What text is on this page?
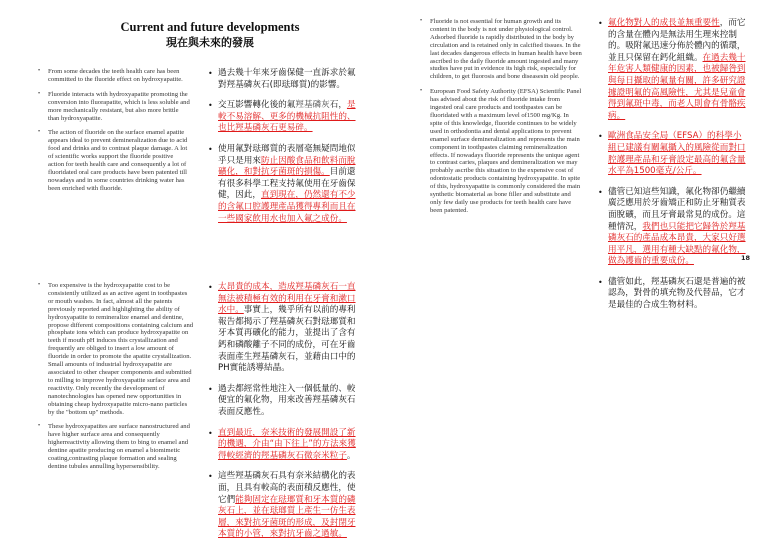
Current and future developments
現在與未來的發展
• From some decades the teeth health care has been committed to the fluoride effect on hydroxyapatite.
• Fluoride interacts with hydroxyapatite promoting the conversion into fluorapatite, which is less soluble and more mechanically resistant, but also more brittle than hydroxyapatite.
• The action of fluoride on the surface enamel apatite appears ideal to prevent demineralization due to acid food and drinks and to contrast plaque damage. A lot of scientific works support the fluoride positive action for teeth health care and consequently a lot of fluoridated oral care products have been patented till nowadays and in some countries drinking water has been enriched with fluoride.
• 過去幾十年來牙齒保健一直訴求於氟對羥基磷灰石(即琺瑯質)的影響。
• 交互影響轉化後的氟羥基磷灰石，是較不易溶解、更多的機械抗阻性的、也比羥基磷灰石更易碎。
• 使用氟對琺瑯質的表層毫無疑問地似乎只是用來防止因酸食品和飲料而脫礦化，和對抗牙菌斑的損傷。目前還有很多科學工程支持氟使用在牙齒保健，因此，直到現在，仍然還有不少的含氟口腔護理產品獲得專利而且在一些國家飲用水也加入氟之成份。
• Fluoride is not essential for human growth and its content in the body is not under physiological control. Adsorbed fluoride is rapidly distributed in the body by circulation and is retained only in calcified tissues. In the last decades dangerous effects in human health have been ascribed to the daily fluoride amount ingested and many studies have put in evidence its high risk, especially for children, to get fluorosis and bone diseasesin old people.
• European Food Safety Authority (EFSA) Scientific Panel has advised about the risk of fluoride intake from ingested oral care products and toothpastes can be fluoridated with a maximum level of1500 mg/Kg. In spite of this knowledge, fluoride continues to be widely used in orthodontia and dental applications to prevent enamel surface demineralization and represents the main component in toothpastes claiming remineralization effects. If nowadays fluoride represents the unique agent to contrast caries, plaques and demineralization we may probably ascribe this situation to the expensive cost of odontostatic products containing hydroxyapatite. In spite of this, hydroxyapatite is commonly considered the main synthetic biomaterial as bone filler and substitute and only few daily use products for teeth health care have been patented.
• 氟化物對人的成長並無重要性，而它的含量在體內是無法用生理來控制的。吸附氟迅速分佈於體內的循環，並且只保留在鈣化組織。在過去幾十年危害人類健康的因素，也被歸咎到與每日攝取的氟量有關，許多研究證據證明氟的高風險性，尤其是兒童會得到氟斑中毒，而老人則會有骨骼疾病。
• 歐洲食品安全局（EFSA）的科學小組已建議有關氟攝入的風險從而對口腔護理產品和牙膏設定最高的氟含量水平為1500毫克/公斤。
• 儘管已知這些知識，氟化物卻仍繼續廣泛應用於牙齒矯正和防止牙釉質表面脫礦，而且牙膏最常見的成份。這種情況，我們也只能把它歸咎於羥基磷灰石的產品成本昂貴，大家只好選用平凡，選用有種大缺點的氟化物，做為護齒的重要成份。
• 儘管如此，羥基磷灰石還是普遍的被認為，對骨的填充物及代替品，它才是最佳的合成生物材料。
18
• Too expensive is the hydroxyapatite cost to be consistently utilized as an active agent in toothpastes or mouth washes. In fact, almost all the patents previously reported and highlighting the ability of hydroxyapatite to remineralize enamel and dentine, propose different compositions containing calcium and phosphate ions which can produce hydroxyapatite on teeth if mouth pH induces this crystallization and frequently are obliged to insert a low amount of fluoride in order to promote the apatite crystallization. Small amounts of industrial hydroxyapatite are associated to other cheaper components and submitted to milling to improve hydroxyapatite surface area and reactivity. Only recently the development of nanotechnologies has opened new opportunities in obtaining cheap hydroxyapatite micro-nano particles by the "bottom up" methods.
• These hydroxyapatites are surface nanostructured and have higher surface area and consequently higherreactivity allowing them to bing to enamel and dentine apatite producing on enamel a biomimetic coating,contrasting plaque formation and sealing dentine tubules annulling hypersensibility.
• 太昂貴的成本，造成羥基磷灰石一直無法被積極有效的利用在牙膏和漱口水中。事實上，幾乎所有以前的專利報告都揭示了羥基磷灰石對琺瑯質和牙本質再礦化的能力，並提出了含有鈣和磷酸離子不同的成份，可在牙齒表面產生羥基磷灰石，並藉由口中的PH實能誘導結晶。
• 過去都經常性地注入一個低量的、較便宜的氟化物，用來改善羥基磷灰石表面反應性。
• 直到最近，奈米技術的發展開設了新的機遇，介由“由下往上”的方法來獲得較經濟的羥基磷灰石微奈米粒子。
• 這些羥基磷灰石具有奈米結構化的表面，且具有較高的表面積反應性，使它們能夠固定在琺瑯質和牙本質的磷灰石上，並在琺瑯質上產生一仿生表層，來對抗牙菌斑的形成，及封閉牙本質的小管，來對抗牙齒之過敏。
